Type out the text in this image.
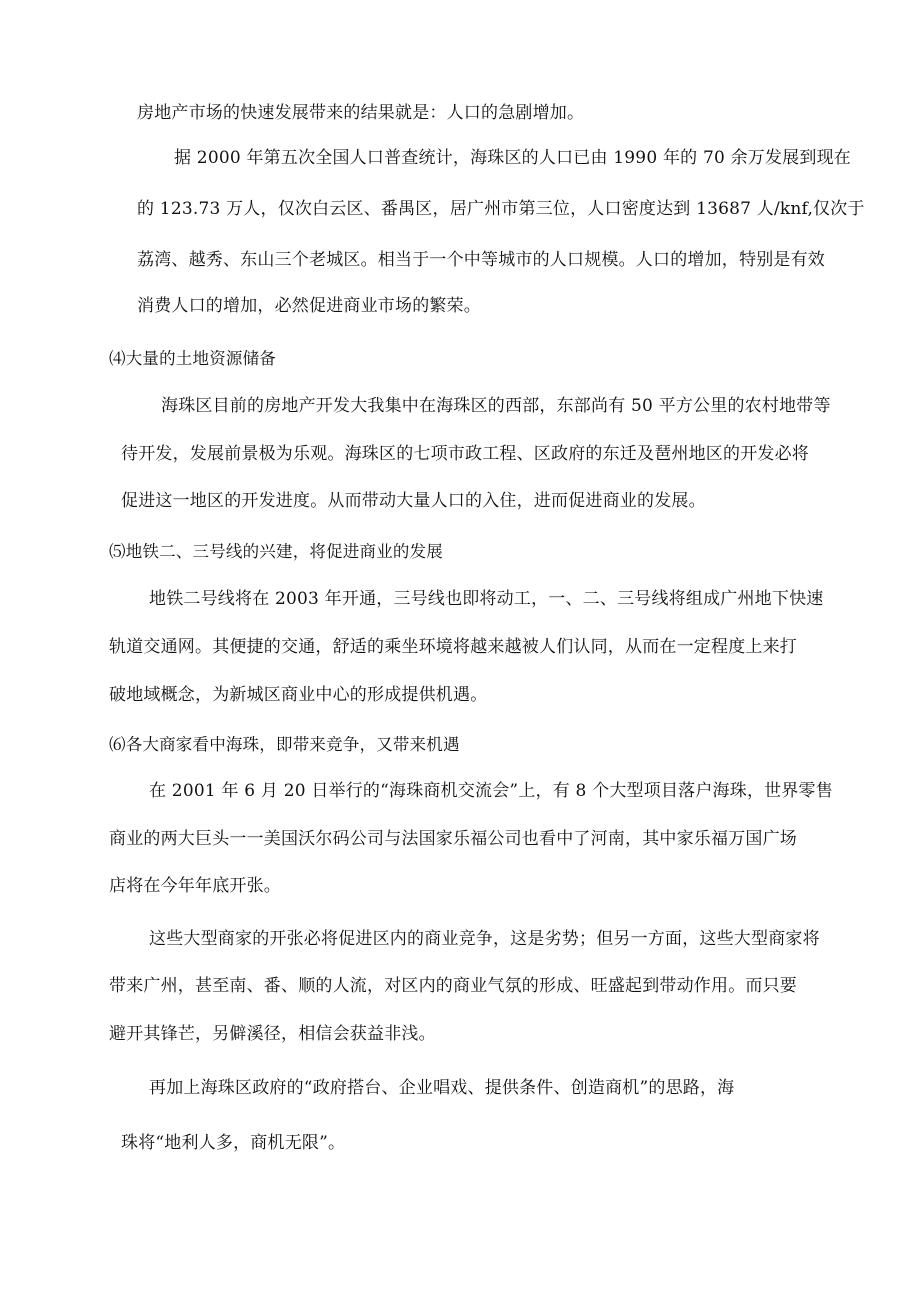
房地产市场的快速发展带来的结果就是：人口的急剧增加。
据 2000 年第五次全国人口普查统计，海珠区的人口已由 1990 年的 70 余万发展到现在
的 123.73 万人，仅次白云区、番禺区，居广州市第三位，人口密度达到 13687 人/knf,仅次于
荔湾、越秀、东山三个老城区。相当于一个中等城市的人口规模。人口的增加，特别是有效
消费人口的增加，必然促进商业市场的繁荣。
⑷大量的土地资源储备
海珠区目前的房地产开发大我集中在海珠区的西部，东部尚有 50 平方公里的农村地带等
待开发，发展前景极为乐观。海珠区的七项市政工程、区政府的东迁及琶州地区的开发必将
促进这一地区的开发进度。从而带动大量人口的入住，进而促进商业的发展。
⑸地铁二、三号线的兴建，将促进商业的发展
地铁二号线将在 2003 年开通，三号线也即将动工，一、二、三号线将组成广州地下快速
轨道交通网。其便捷的交通，舒适的乘坐环境将越来越被人们认同，从而在一定程度上来打
破地域概念，为新城区商业中心的形成提供机遇。
⑹各大商家看中海珠，即带来竞争，又带来机遇
在 2001 年 6 月 20 日举行的“海珠商机交流会”上，有 8 个大型项目落户海珠，世界零售
商业的两大巨头一一美国沃尔码公司与法国家乐福公司也看中了河南，其中家乐福万国广场
店将在今年年底开张。
这些大型商家的开张必将促进区内的商业竞争，这是劣势；但另一方面，这些大型商家将
带来广州，甚至南、番、顺的人流，对区内的商业气氛的形成、旺盛起到带动作用。而只要
避开其锋芒，另僻溪径，相信会获益非浅。
再加上海珠区政府的“政府搭台、企业唱戏、提供条件、创造商机”的思路，海
珠将“地利人多，商机无限”。
